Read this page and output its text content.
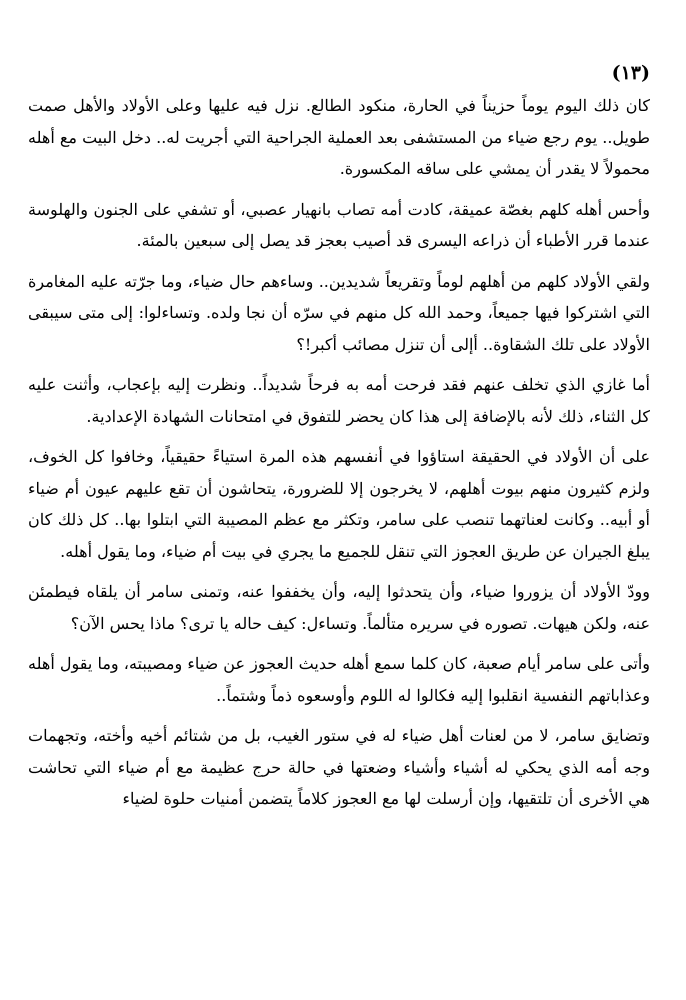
(١٣)

كان ذلك اليوم يوماً حزيناً في الحارة، منكود الطالع. نزل فيه عليها وعلى الأولاد والأهل صمت طويل.. يوم رجع ضياء من المستشفى بعد العملية الجراحية التي أجريت له.. دخل البيت مع أهله محمولاً لا يقدر أن يمشي على ساقه المكسورة.

وأحس أهله كلهم بغصّة عميقة، كادت أمه تصاب بانهيار عصبي، أو تشفي على الجنون والهلوسة عندما قرر الأطباء أن ذراعه اليسرى قد أصيب بعجز قد يصل إلى سبعين بالمئة.

ولقي الأولاد كلهم من أهلهم لوماً وتقريعاً شديدين.. وساءهم حال ضياء، وما جرّته عليه المغامرة التي اشتركوا فيها جميعاً، وحمد الله كل منهم في سرّه أن نجا ولده. وتساءلوا: إلى متى سيبقى الأولاد على تلك الشقاوة.. أإلى أن تنزل مصائب أكبر!؟

أما غازي الذي تخلف عنهم فقد فرحت أمه به فرحاً شديداً.. ونظرت إليه بإعجاب، وأثنت عليه كل الثناء، ذلك لأنه بالإضافة إلى هذا كان يحضر للتفوق في امتحانات الشهادة الإعدادية.

على أن الأولاد في الحقيقة استاؤوا في أنفسهم هذه المرة استياءً حقيقياً، وخافوا كل الخوف، ولزم كثيرون منهم بيوت أهلهم، لا يخرجون إلا للضرورة، يتحاشون أن تقع عليهم عيون أم ضياء أو أبيه.. وكانت لعناتهما تنصب على سامر، وتكثر مع عظم المصيبة التي ابتلوا بها.. كل ذلك كان يبلغ الجيران عن طريق العجوز التي تنقل للجميع ما يجري في بيت أم ضياء، وما يقول أهله.

وودّ الأولاد أن يزوروا ضياء، وأن يتحدثوا إليه، وأن يخففوا عنه، وتمنى سامر أن يلقاه فيطمئن عنه، ولكن هيهات. تصوره في سريره متألماً. وتساءل: كيف حاله يا ترى؟ ماذا يحس الآن؟

وأتى على سامر أيام صعبة، كان كلما سمع أهله حديث العجوز عن ضياء ومصيبته، وما يقول أهله وعذاباتهم النفسية انقلبوا إليه فكالوا له اللوم وأوسعوه ذماً وشتماً..

وتضايق سامر، لا من لعنات أهل ضياء له في ستور الغيب، بل من شتائم أخيه وأخته، وتجهمات وجه أمه الذي يحكي له أشياء وأشياء وضعتها في حالة حرج عظيمة مع أم ضياء التي تحاشت هي الأخرى أن تلتقيها، وإن أرسلت لها مع العجوز كلاماً يتضمن أمنيات حلوة لضياء
